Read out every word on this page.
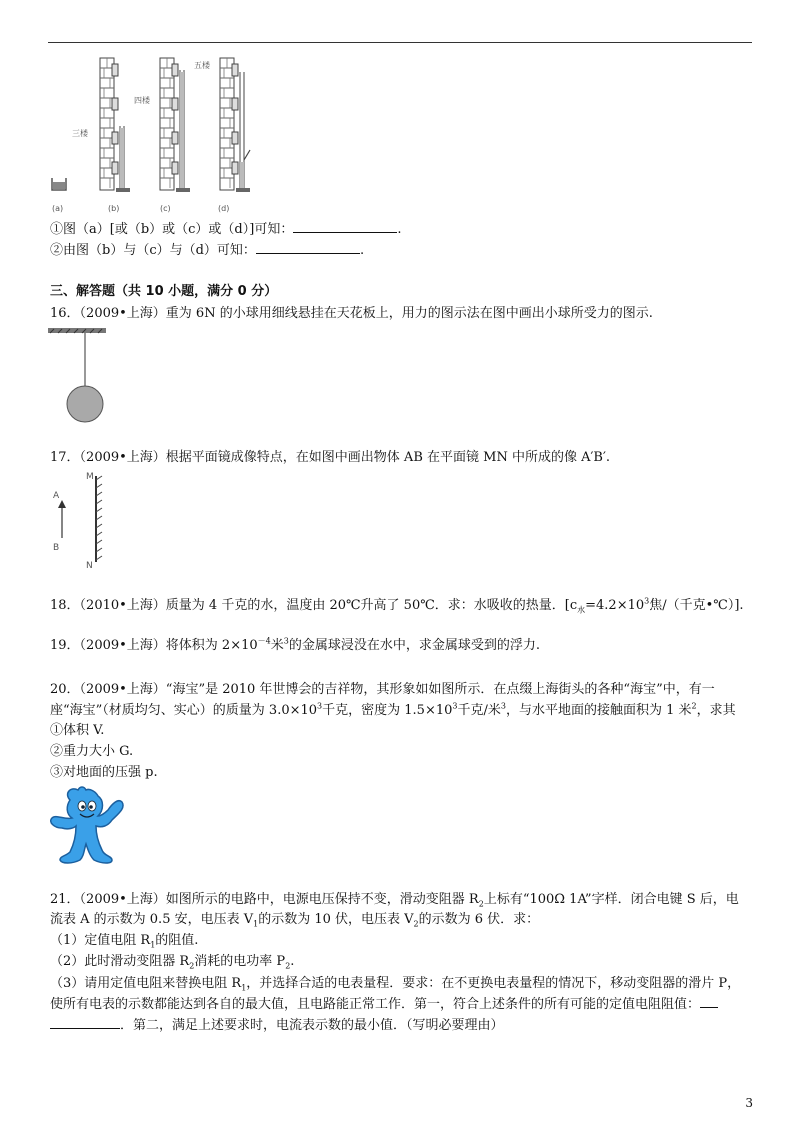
三楼
四楼
五楼
(a)	(b)	(c)	(d)
①图（a）[或（b）或（c）或（d）]可知：	.
②由图（b）与（c）与（d）可知：	.
三、解答题（共 10 小题，满分 0 分）
16．（2009•上海）重为 6N 的小球用细线悬挂在天花板上，用力的图示法在图中画出小球所受力的图示.
17．（2009•上海）根据平面镜成像特点，在如图中画出物体 AB 在平面镜 MN 中所成的像 A′B′.
A
B
M
N
18．（2010•上海）质量为 4 千克的水，温度由 20℃升高了 50℃．求：水吸收的热量．[$c_水=4.2\times 10^3$焦/（千克•℃）].
19．（2009•上海）将体积为 $2\times 10^{-4}$米$^3$的金属球浸没在水中，求金属球受到的浮力.
20．（2009•上海）“海宝”是 2010 年世博会的吉祥物，其形象如如图所示．在点缀上海街头的各种“海宝”中，有一
座“海宝”（材质均匀、实心）的质量为 $3.0\times 10^3$千克，密度为 $1.5\times 10^3$千克/米$^3$，与水平地面的接触面积为 1 米$^2$，求其
①体积 V.
②重力大小 G.
③对地面的压强 p.
21．（2009•上海）如图所示的电路中，电源电压保持不变，滑动变阻器 $R_2$上标有“100Ω 1A”字样．闭合电键 S 后，电
流表 A 的示数为 0.5 安，电压表 $V_1$的示数为 10 伏，电压表 $V_2$的示数为 6 伏．求：
（1）定值电阻 $R_1$的阻值.
（2）此时滑动变阻器 $R_2$消耗的电功率 $P_2$.
（3）请用定值电阻来替换电阻 $R_1$，并选择合适的电表量程．要求：在不更换电表量程的情况下，移动变阻器的滑片 P，
使所有电表的示数都能达到各自的最大值，且电路能正常工作．第一，符合上述条件的所有可能的定值电阻阻值：
．第二，满足上述要求时，电流表示数的最小值．（写明必要理由）
3
